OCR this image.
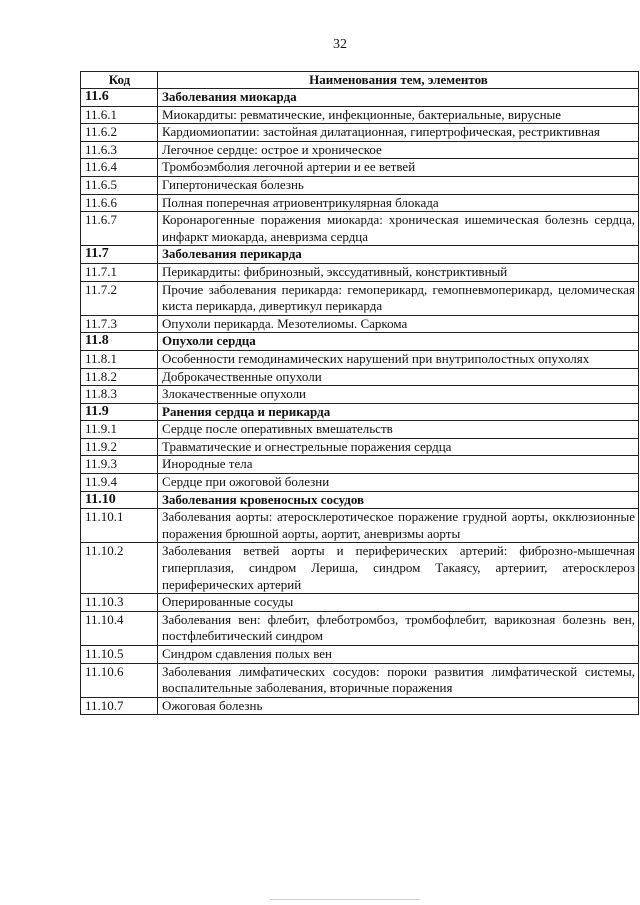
32
Код	Наименования тем, элементов
11.6	Заболевания миокарда
11.6.1	Миокардиты: ревматические, инфекционные, бактериальные, вирусные
11.6.2	Кардиомиопатии: застойная дилатационная, гипертрофическая, рестриктивная
11.6.3	Легочное сердце: острое и хроническое
11.6.4	Тромбоэмболия легочной артерии и ее ветвей
11.6.5	Гипертоническая болезнь
11.6.6	Полная поперечная атриовентрикулярная блокада
11.6.7	Коронарогенные поражения миокарда: хроническая ишемическая болезнь сердца, инфаркт миокарда, аневризма сердца
11.7	Заболевания перикарда
11.7.1	Перикардиты: фибринозный, экссудативный, констриктивный
11.7.2	Прочие заболевания перикарда: гемоперикард, гемопневмоперикард, целомическая киста перикарда, дивертикул перикарда
11.7.3	Опухоли перикарда. Мезотелиомы. Саркома
11.8	Опухоли сердца
11.8.1	Особенности гемодинамических нарушений при внутриполостных опухолях
11.8.2	Доброкачественные опухоли
11.8.3	Злокачественные опухоли
11.9	Ранения сердца и перикарда
11.9.1	Сердце после оперативных вмешательств
11.9.2	Травматические и огнестрельные поражения сердца
11.9.3	Инородные тела
11.9.4	Сердце при ожоговой болезни
11.10	Заболевания кровеносных сосудов
11.10.1	Заболевания аорты: атеросклеротическое поражение грудной аорты, окклюзионные поражения брюшной аорты, аортит, аневризмы аорты
11.10.2	Заболевания ветвей аорты и периферических артерий: фиброзно-мышечная гиперплазия, синдром Лериша, синдром Такаясу, артериит, атеросклероз периферических артерий
11.10.3	Оперированные сосуды
11.10.4	Заболевания вен: флебит, флеботромбоз, тромбофлебит, варикозная болезнь вен, постфлебитический синдром
11.10.5	Синдром сдавления полых вен
11.10.6	Заболевания лимфатических сосудов: пороки развития лимфатической системы, воспалительные заболевания, вторичные поражения
11.10.7	Ожоговая болезнь
